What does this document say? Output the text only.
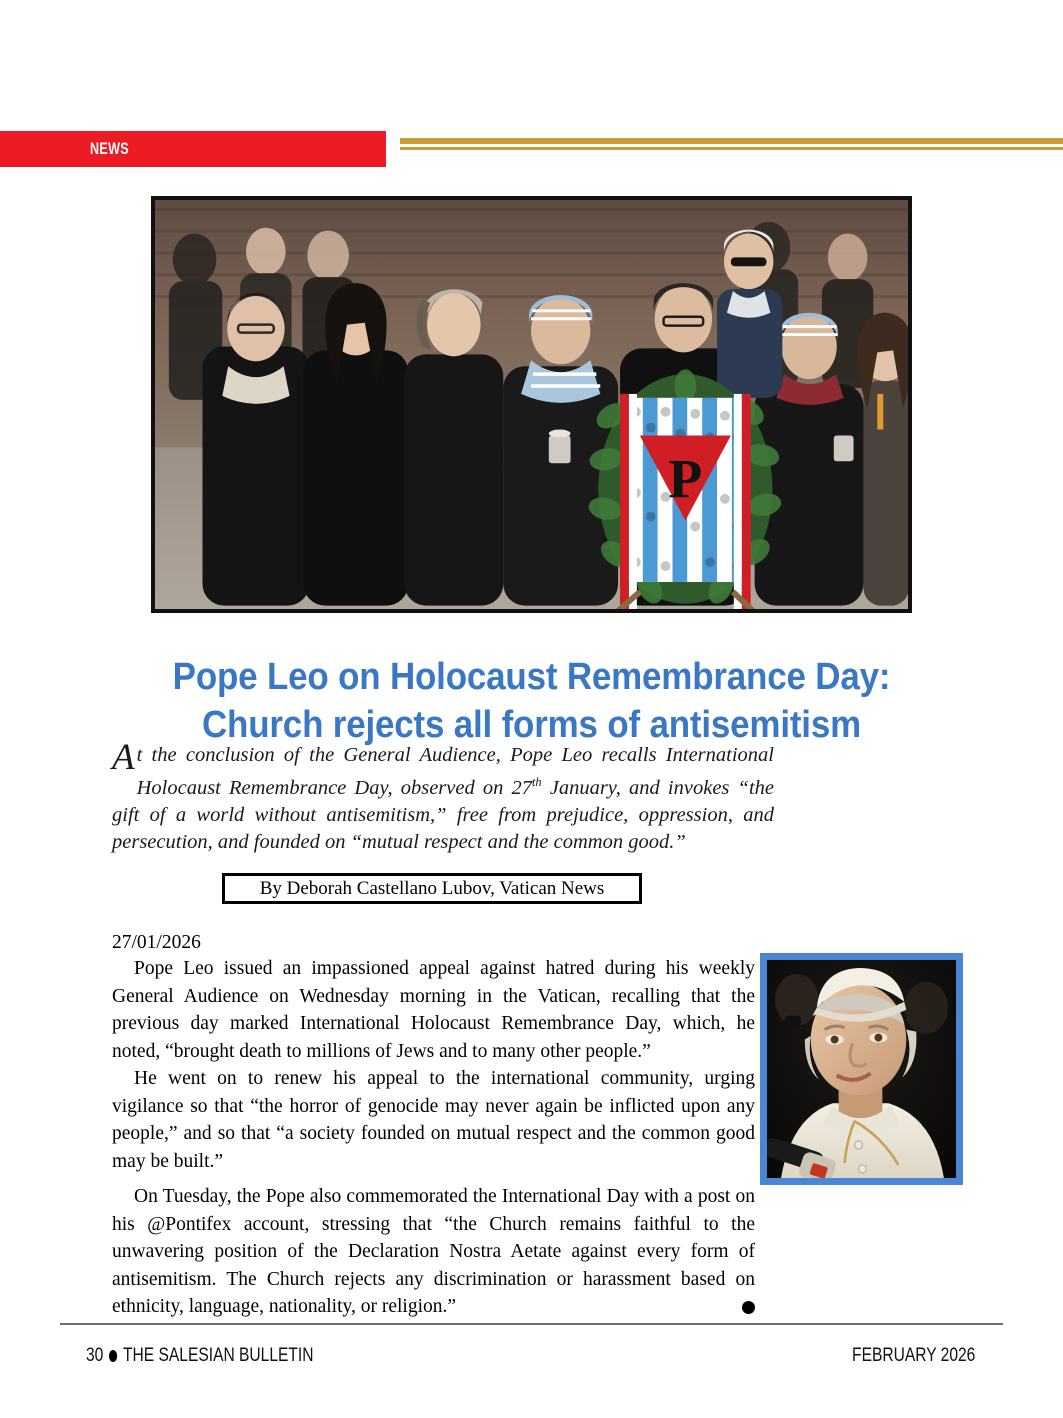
NEWS
P
Pope Leo on Holocaust Remembrance Day:
Church rejects all forms of antisemitism
At the conclusion of the General Audience, Pope Leo recalls International Holocaust Remembrance Day, observed on 27th January, and invokes “the gift of a world without antisemitism,” free from prejudice, oppression, and persecution, and founded on “mutual respect and the common good.”
By Deborah Castellano Lubov, Vatican News
27/01/2026

Pope Leo issued an impassioned appeal against hatred during his weekly General Audience on Wednesday morning in the Vatican, recalling that the previous day marked International Holocaust Remembrance Day, which, he noted, “brought death to millions of Jews and to many other people.”

He went on to renew his appeal to the international community, urging vigilance so that “the horror of genocide may never again be inflicted upon any people,” and so that “a society founded on mutual respect and the common good may be built.”

On Tuesday, the Pope also commemorated the International Day with a post on his @Pontifex account, stressing that “the Church remains faithful to the unwavering position of the Declaration Nostra Aetate against every form of antisemitism. The Church rejects any discrimination or harassment based on ethnicity, language, nationality, or religion.”

30 THE SALESIAN BULLETIN	FEBRUARY 2026
